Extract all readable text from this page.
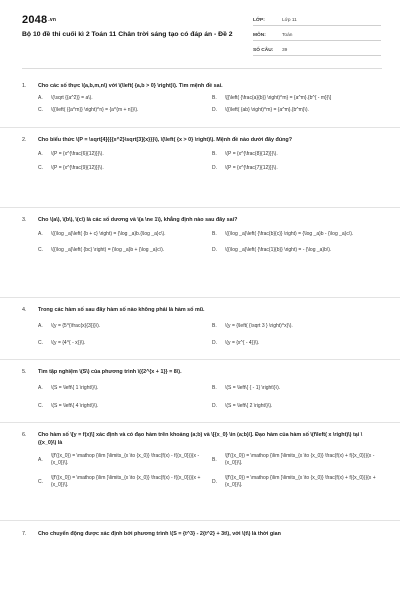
2048.vn
Bộ 10 đề thi cuối kì 2 Toán 11 Chân trời sáng tạo có đáp án - Đề 2
LỚP:	Lớp 11
MÔN:	Toán
SỐ CÂU:	39
1. Cho các số thực \(a,b,m,n\) với \(\left( {a,b > 0} \right)\). Tìm mệnh đề sai.
A.	\(\sqrt {{a^2}} = a\).	B.	\[{\left( {\frac{a}{b}} \right)^m} = {a^m}.{b^{ - m}}\]
C.	\({\left( {{a^m}} \right)^n} = {a^{m + n}}\).	D.	\({\left( {ab} \right)^m} = {a^m}.{b^m}\).
2. Cho biểu thức \(P = \sqrt[4]{{{x^2}\sqrt[3]{x}}}\), \(\left( {x > 0} \right)\). Mệnh đề nào dưới đây đúng?
A.	\(P = {x^{\frac{6}{12}}}\).	B.	\(P = {x^{\frac{8}{12}}}\).
C.	\(P = {x^{\frac{9}{12}}}\).	D.	\(P = {x^{\frac{7}{12}}}\).
3. Cho \(a\), \(b\), \(c\) là các số dương và \(a \ne 1\), khẳng định nào sau đây sai?
A.	\({\log _a}\left( {b + c} \right) = {\log _a}b.{\log _a}c\).	B.	\({\log _a}\left( {\frac{b}{c}} \right) = {\log _a}b - {\log _a}c\).
C.	\({\log _a}\left( {bc} \right) = {\log _a}b + {\log _a}c\).	D.	\({\log _a}\left( {\frac{1}{b}} \right) = - {\log _a}b\).
4. Trong các hàm số sau đây hàm số nào không phải là hàm số mũ.
A.	\(y = {5^{\frac{x}{3}}}\).	B.	\(y = {\left( {\sqrt 3 } \right)^x}\).
C.	\(y = {4^{ - x}}\).	D.	\(y = {x^{ - 4}}\).
5. Tìm tập nghiệm \(S\) của phương trình \({2^{x + 1}} = 8\).
A.	\(S = \left\{ 1 \right\}\).	B.	\(S = \left\{ { - 1} \right\}\).
C.	\(S = \left\{ 4 \right\}\).	D.	\(S = \left\{ 2 \right\}\).
6. Cho hàm số \[y = f(x)\] xác định và có đạo hàm trên khoảng (a;b) và \[{x_0} \in (a;b)\]. Đạo hàm của hàm số \(f\left( x \right)\) tại \({x_0}\) là
A.
\[f'({x_0}) = \mathop {\lim }\limits_{x \to {x_0}} \frac{f(x) - f({x_0})}{x - {x_0}}\].
B.
\[f'({x_0}) = \mathop {\lim }\limits_{x \to {x_0}} \frac{f(x) + f({x_0})}{x - {x_0}}\].
C.
\[f'({x_0}) = \mathop {\lim }\limits_{x \to {x_0}} \frac{f(x) - f({x_0})}{x + {x_0}}\].
D.
\[f'({x_0}) = \mathop {\lim }\limits_{x \to {x_0}} \frac{f(x) + f({x_0})}{x + {x_0}}\].
7. Cho chuyển động được xác định bởi phương trình \(S = {t^3} - 2{t^2} + 3t\), với \(t\) là thời gian
